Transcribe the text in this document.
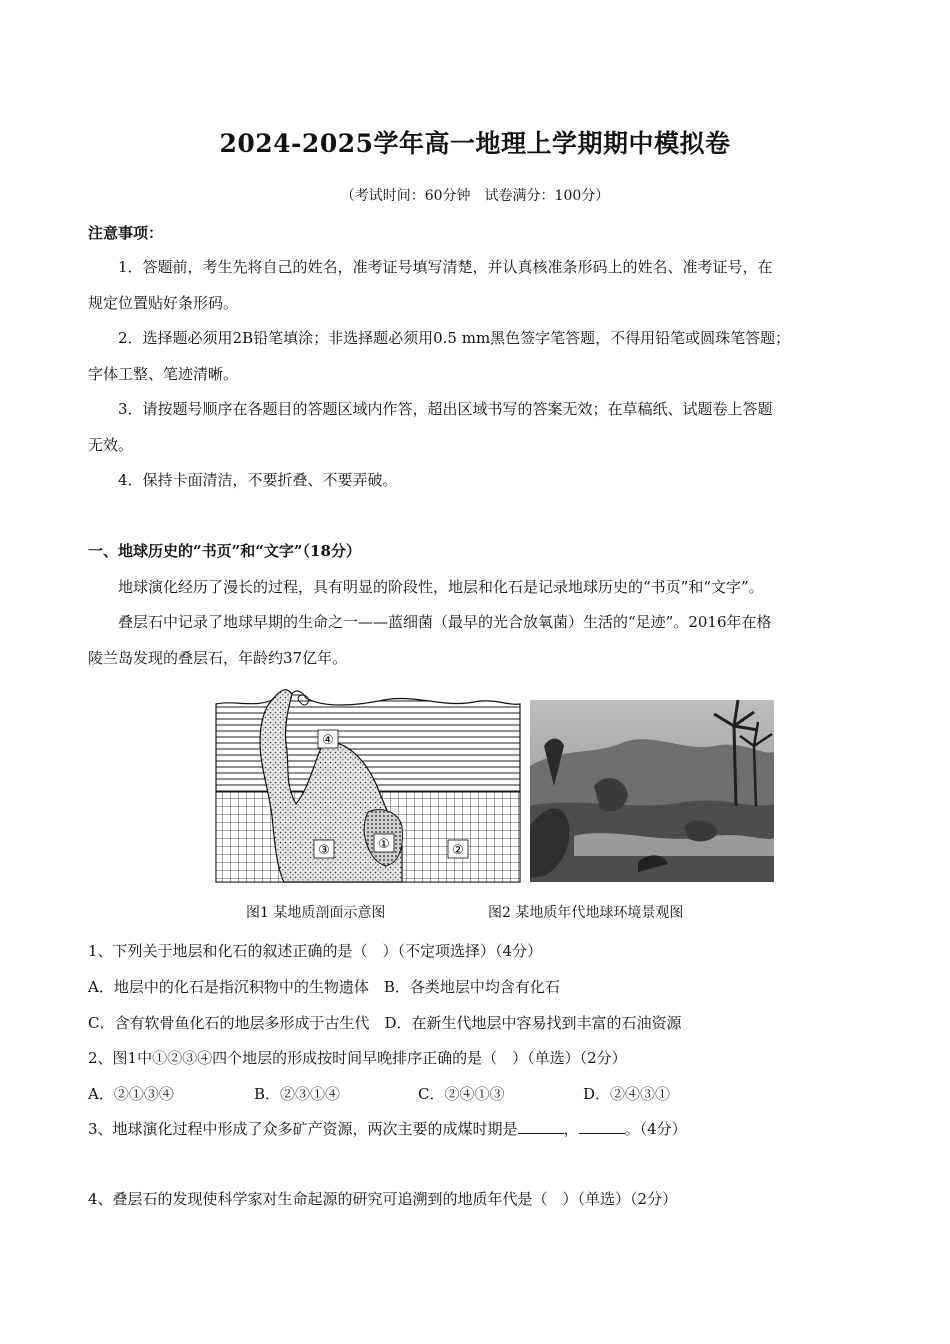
2024-2025学年高一地理上学期期中模拟卷
（考试时间：60分钟　试卷满分：100分）
注意事项：
1．答题前，考生先将自己的姓名，准考证号填写清楚，并认真核准条形码上的姓名、准考证号，在
规定位置贴好条形码。
2．选择题必须用2B铅笔填涂；非选择题必须用0.5 mm黑色签字笔答题，不得用铅笔或圆珠笔答题；
字体工整、笔迹清晰。
3．请按题号顺序在各题目的答题区域内作答，超出区域书写的答案无效；在草稿纸、试题卷上答题
无效。
4．保持卡面清洁，不要折叠、不要弄破。
一、地球历史的“书页”和“文字”（18分）
地球演化经历了漫长的过程，具有明显的阶段性，地层和化石是记录地球历史的“书页”和“文字”。
叠层石中记录了地球早期的生命之一——蓝细菌（最早的光合放氧菌）生活的“足迹”。2016年在格
陵兰岛发现的叠层石，年龄约37亿年。
④
③	①	②
图1 某地质剖面示意图	图2 某地质年代地球环境景观图
1、下列关于地层和化石的叙述正确的是（　）（不定项选择）（4分）
A．地层中的化石是指沉积物中的生物遗体　B．各类地层中均含有化石
C．含有软骨鱼化石的地层多形成于古生代　D．在新生代地层中容易找到丰富的石油资源
2、图1中①②③④四个地层的形成按时间早晚排序正确的是（　）（单选）（2分）
A．②①③④	B．②③①④	C．②④①③	D．②④③①
3、地球演化过程中形成了众多矿产资源，两次主要的成煤时期是	，	。（4分）
4、叠层石的发现使科学家对生命起源的研究可追溯到的地质年代是（　）（单选）（2分）
